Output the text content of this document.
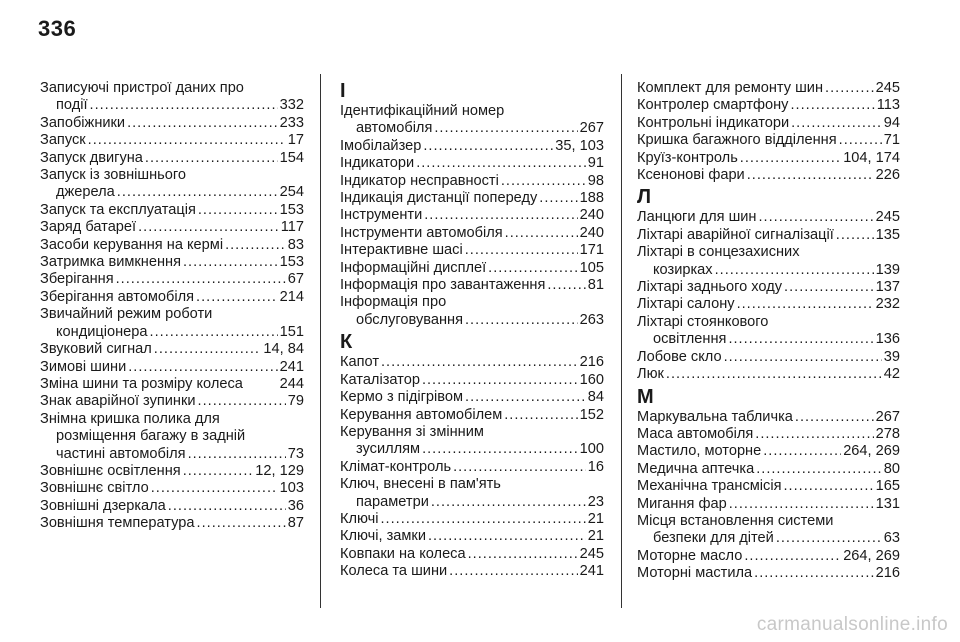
336
Записуючі пристрої даних про
події .....	332
Запобіжники .....	233
Запуск .....	17
Запуск двигуна .....	154
Запуск із зовнішнього
джерела .....	254
Запуск та експлуатація .....	153
Заряд батареї .....	117
Засоби керування на кермі .....	83
Затримка вимкнення .....	153
Зберігання .....	67
Зберігання автомобіля .....	214
Звичайний режим роботи
кондиціонера .....	151
Звуковий сигнал .....	14, 84
Зимові шини .....	241
Зміна шини та розміру колеса	244
Знак аварійної зупинки .....	79
Знімна кришка полика для
розміщення багажу в задній
частині автомобіля .....	73
Зовнішнє освітлення .....	12, 129
Зовнішнє світло .....	103
Зовнішні дзеркала .....	36
Зовнішня температура .....	87
І
Ідентифікаційний номер
автомобіля .....	267
Імобілайзер .....	35, 103
Індикатори .....	91
Індикатор несправності .....	98
Індикація дистанції попереду .....	188
Інструменти .....	240
Інструменти автомобіля .....	240
Інтерактивне шасі .....	171
Інформаційні дисплеї .....	105
Інформація про завантаження .....	81
Інформація про
обслуговування .....	263
К
Капот .....	216
Каталізатор .....	160
Кермо з підігрівом .....	84
Керування автомобілем .....	152
Керування зі змінним
зусиллям .....	100
Клімат-контроль .....	16
Ключ, внесені в пам'ять
параметри .....	23
Ключі .....	21
Ключі, замки .....	21
Ковпаки на колеса .....	245
Колеса та шини .....	241
Комплект для ремонту шин .....	245
Контролер смартфону .....	113
Контрольні індикатори .....	94
Кришка багажного відділення .....	71
Круїз-контроль .....	104, 174
Ксенонові фари .....	226
Л
Ланцюги для шин .....	245
Ліхтарі аварійної сигналізації .....	135
Ліхтарі в сонцезахисних
козирках .....	139
Ліхтарі заднього ходу .....	137
Ліхтарі салону .....	232
Ліхтарі стоянкового
освітлення .....	136
Лобове скло .....	39
Люк .....	42
М
Маркувальна табличка .....	267
Маса автомобіля .....	278
Мастило, моторне .....	264, 269
Медична аптечка .....	80
Механічна трансмісія .....	165
Мигання фар .....	131
Місця встановлення системи
безпеки для дітей .....	63
Моторне масло .....	264, 269
Моторні мастила .....	216
carmanualsonline.info
